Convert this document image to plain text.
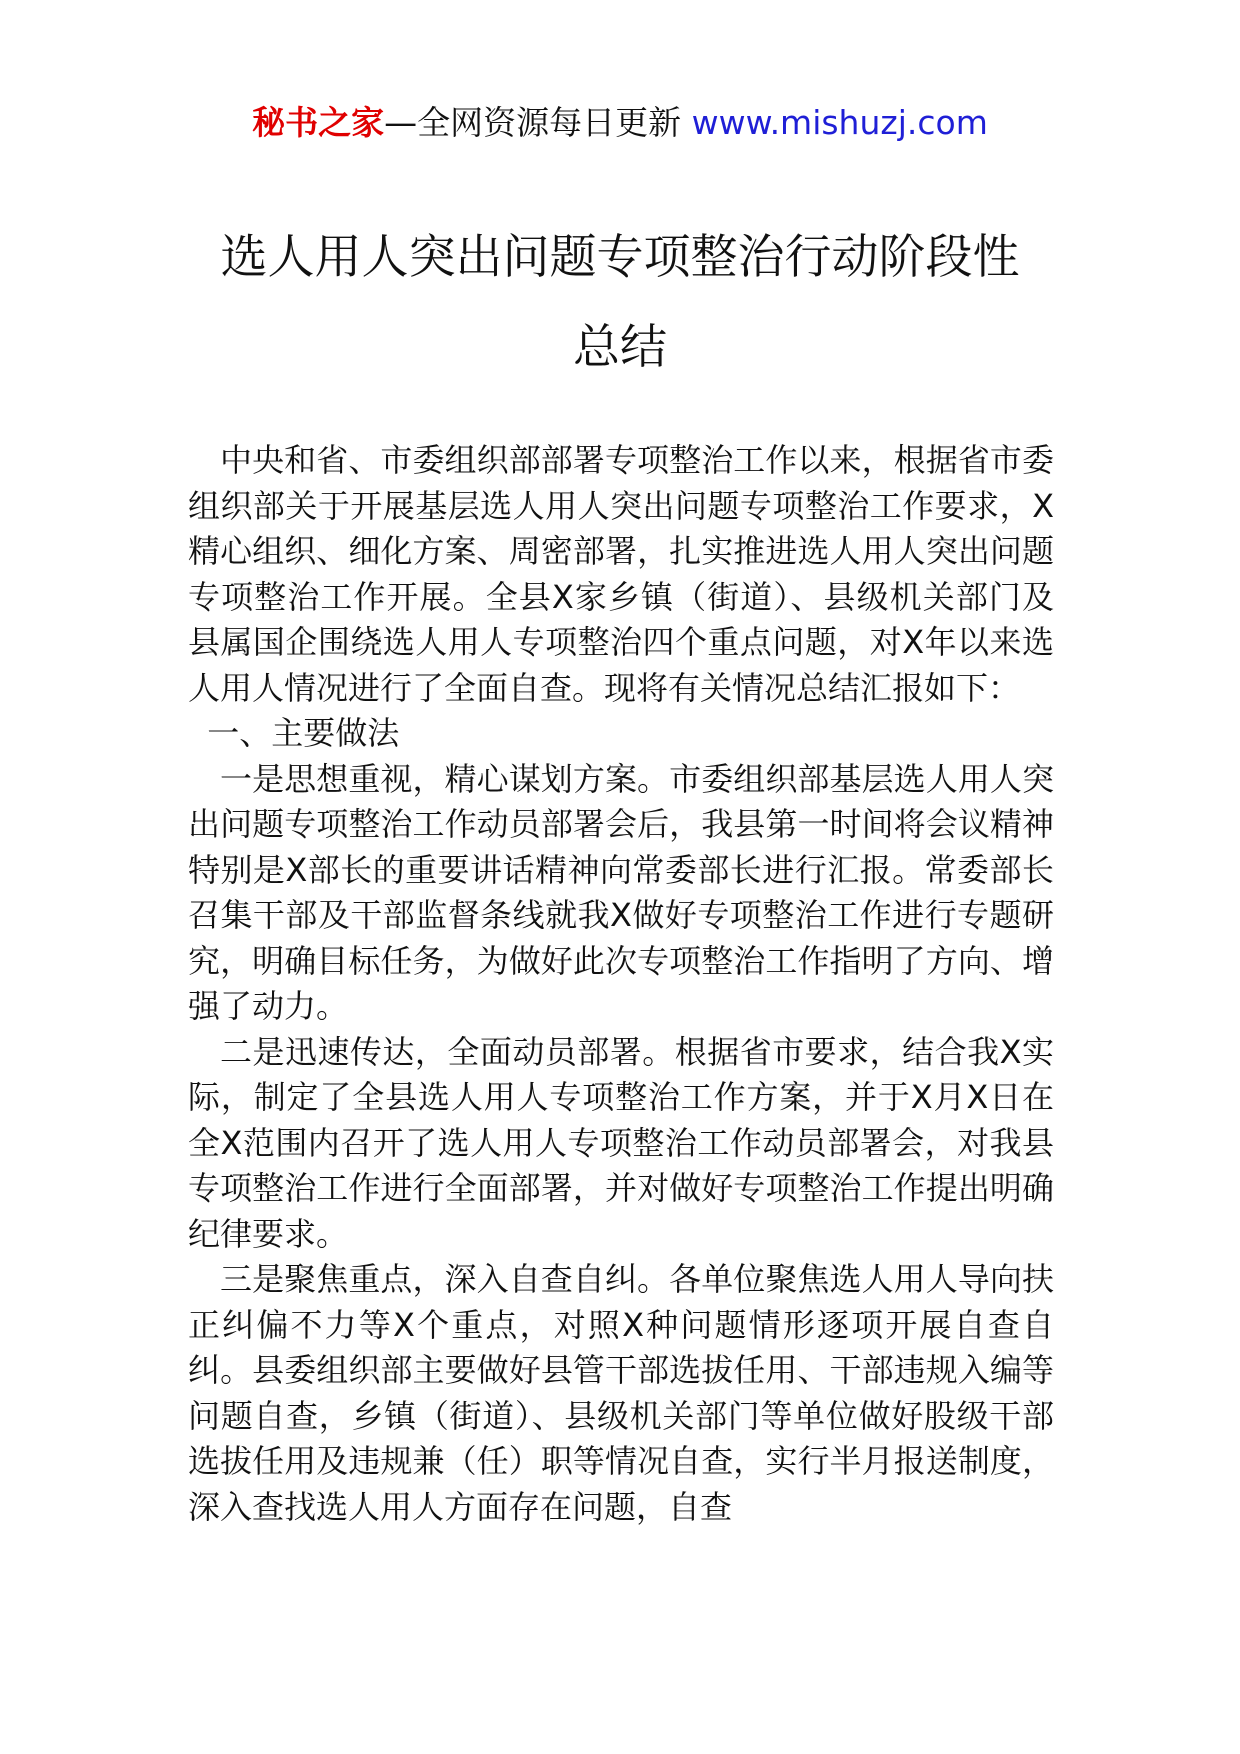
秘书之家—全网资源每日更新 www.mishuzj.com
选人用人突出问题专项整治行动阶段性
总结

中央和省、市委组织部部署专项整治工作以来，根据省市委组织部关于开展基层选人用人突出问题专项整治工作要求，X精心组织、细化方案、周密部署，扎实推进选人用人突出问题专项整治工作开展。全县X家乡镇（街道）、县级机关部门及县属国企围绕选人用人专项整治四个重点问题，对X年以来选人用人情况进行了全面自查。现将有关情况总结汇报如下：

一、主要做法

一是思想重视，精心谋划方案。市委组织部基层选人用人突出问题专项整治工作动员部署会后，我县第一时间将会议精神特别是X部长的重要讲话精神向常委部长进行汇报。常委部长召集干部及干部监督条线就我X做好专项整治工作进行专题研究，明确目标任务，为做好此次专项整治工作指明了方向、增强了动力。

二是迅速传达，全面动员部署。根据省市要求，结合我X实际，制定了全县选人用人专项整治工作方案，并于X月X日在全X范围内召开了选人用人专项整治工作动员部署会，对我县专项整治工作进行全面部署，并对做好专项整治工作提出明确纪律要求。

三是聚焦重点，深入自查自纠。各单位聚焦选人用人导向扶正纠偏不力等X个重点，对照X种问题情形逐项开展自查自纠。县委组织部主要做好县管干部选拔任用、干部违规入编等问题自查，乡镇（街道）、县级机关部门等单位做好股级干部选拔任用及违规兼（任）职等情况自查，实行半月报送制度，深入查找选人用人方面存在问题，自查
